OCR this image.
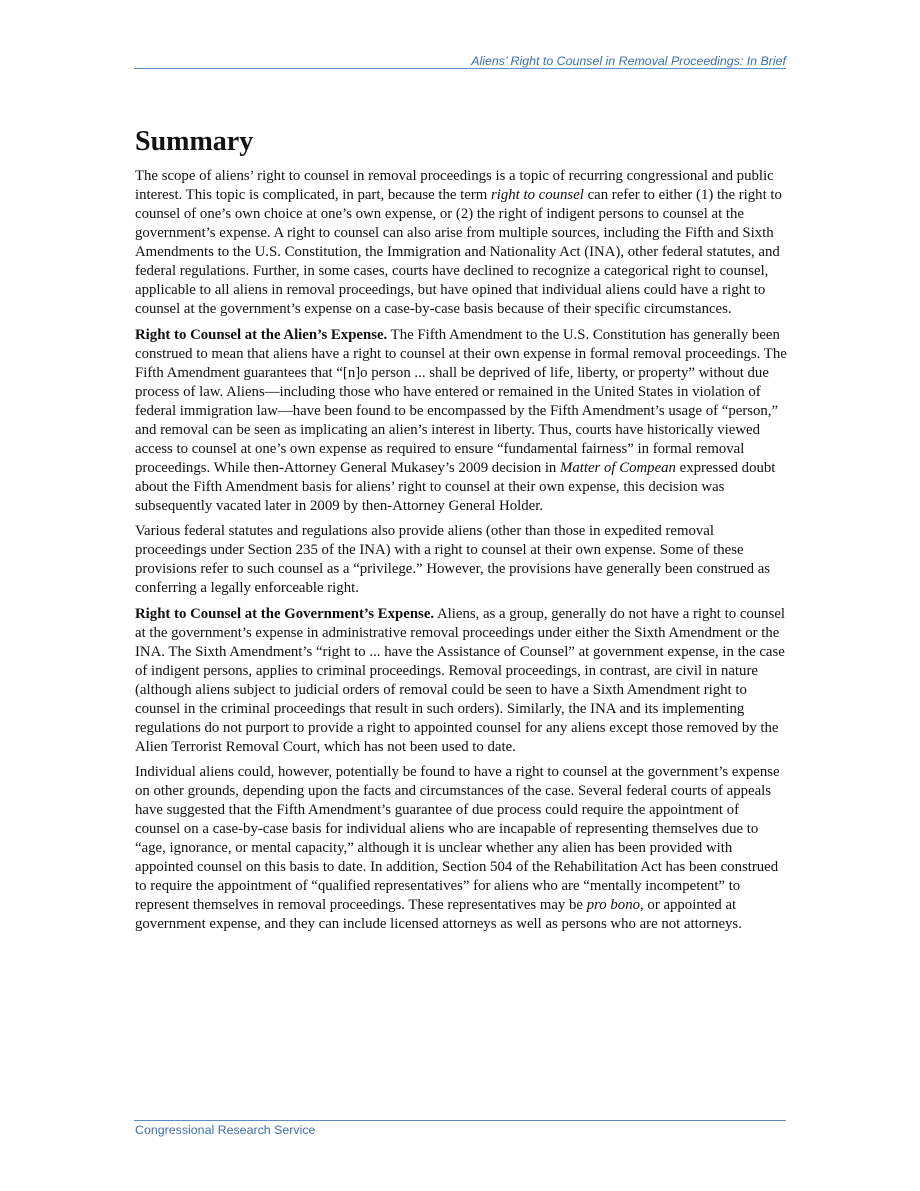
Aliens’ Right to Counsel in Removal Proceedings: In Brief
Summary

The scope of aliens’ right to counsel in removal proceedings is a topic of recurring congressional and public interest. This topic is complicated, in part, because the term right to counsel can refer to either (1) the right to counsel of one’s own choice at one’s own expense, or (2) the right of indigent persons to counsel at the government’s expense. A right to counsel can also arise from multiple sources, including the Fifth and Sixth Amendments to the U.S. Constitution, the Immigration and Nationality Act (INA), other federal statutes, and federal regulations. Further, in some cases, courts have declined to recognize a categorical right to counsel, applicable to all aliens in removal proceedings, but have opined that individual aliens could have a right to counsel at the government’s expense on a case-by-case basis because of their specific circumstances.

Right to Counsel at the Alien’s Expense. The Fifth Amendment to the U.S. Constitution has generally been construed to mean that aliens have a right to counsel at their own expense in formal removal proceedings. The Fifth Amendment guarantees that “[n]o person ... shall be deprived of life, liberty, or property” without due process of law. Aliens—including those who have entered or remained in the United States in violation of federal immigration law—have been found to be encompassed by the Fifth Amendment’s usage of “person,” and removal can be seen as implicating an alien’s interest in liberty. Thus, courts have historically viewed access to counsel at one’s own expense as required to ensure “fundamental fairness” in formal removal proceedings. While then-Attorney General Mukasey’s 2009 decision in Matter of Compean expressed doubt about the Fifth Amendment basis for aliens’ right to counsel at their own expense, this decision was subsequently vacated later in 2009 by then-Attorney General Holder.

Various federal statutes and regulations also provide aliens (other than those in expedited removal proceedings under Section 235 of the INA) with a right to counsel at their own expense. Some of these provisions refer to such counsel as a “privilege.” However, the provisions have generally been construed as conferring a legally enforceable right.

Right to Counsel at the Government’s Expense. Aliens, as a group, generally do not have a right to counsel at the government’s expense in administrative removal proceedings under either the Sixth Amendment or the INA. The Sixth Amendment’s “right to ... have the Assistance of Counsel” at government expense, in the case of indigent persons, applies to criminal proceedings. Removal proceedings, in contrast, are civil in nature (although aliens subject to judicial orders of removal could be seen to have a Sixth Amendment right to counsel in the criminal proceedings that result in such orders). Similarly, the INA and its implementing regulations do not purport to provide a right to appointed counsel for any aliens except those removed by the Alien Terrorist Removal Court, which has not been used to date.

Individual aliens could, however, potentially be found to have a right to counsel at the government’s expense on other grounds, depending upon the facts and circumstances of the case. Several federal courts of appeals have suggested that the Fifth Amendment’s guarantee of due process could require the appointment of counsel on a case-by-case basis for individual aliens who are incapable of representing themselves due to “age, ignorance, or mental capacity,” although it is unclear whether any alien has been provided with appointed counsel on this basis to date. In addition, Section 504 of the Rehabilitation Act has been construed to require the appointment of “qualified representatives” for aliens who are “mentally incompetent” to represent themselves in removal proceedings. These representatives may be pro bono, or appointed at government expense, and they can include licensed attorneys as well as persons who are not attorneys.

Congressional Research Service
